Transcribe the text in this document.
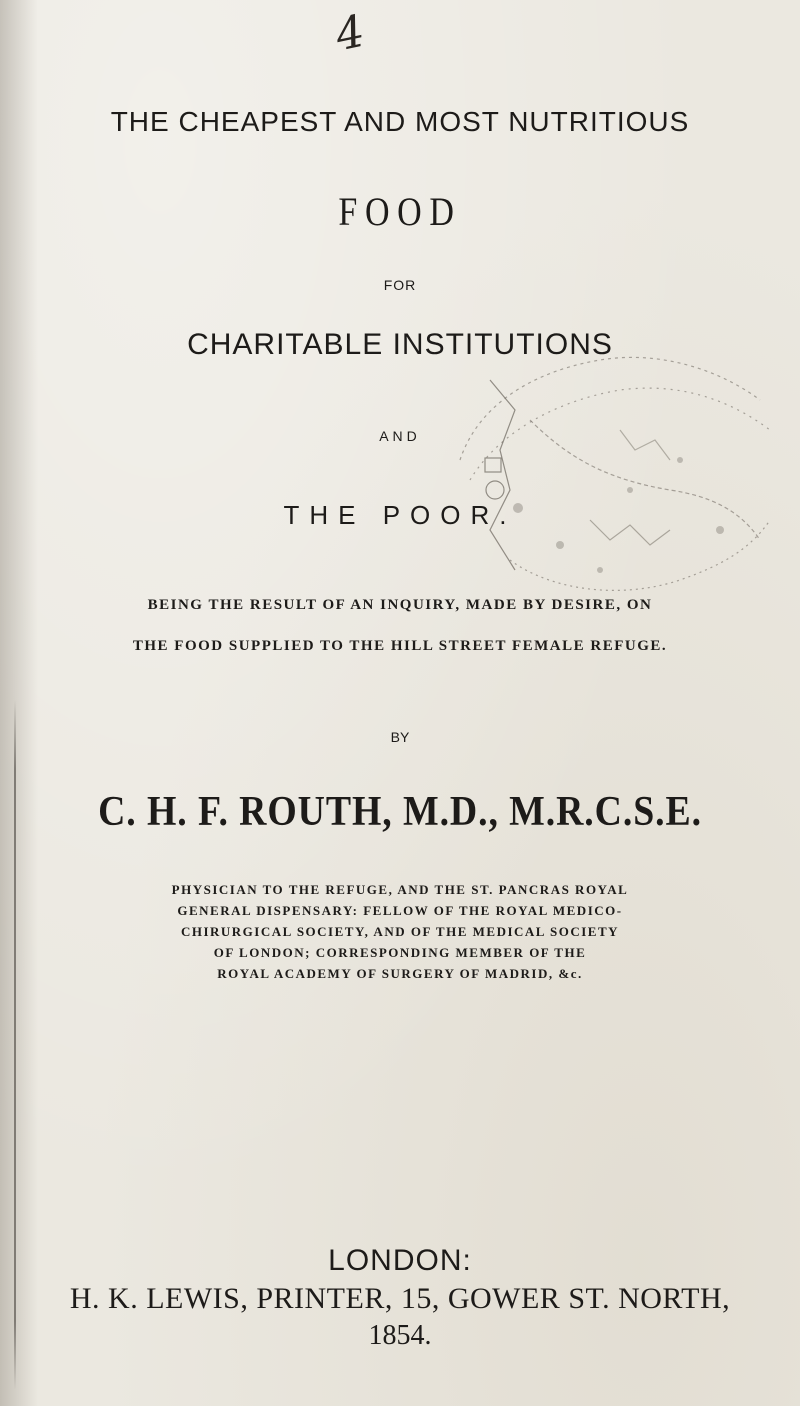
4
THE CHEAPEST AND MOST NUTRITIOUS
FOOD
FOR
CHARITABLE INSTITUTIONS
AND
THE POOR.
BEING THE RESULT OF AN INQUIRY, MADE BY DESIRE, ON
THE FOOD SUPPLIED TO THE HILL STREET FEMALE REFUGE.
BY
C. H. F. ROUTH, M.D., M.R.C.S.E.
PHYSICIAN TO THE REFUGE, AND THE ST. PANCRAS ROYAL
GENERAL DISPENSARY: FELLOW OF THE ROYAL MEDICO-
CHIRURGICAL SOCIETY, AND OF THE MEDICAL SOCIETY
OF LONDON; CORRESPONDING MEMBER OF THE
ROYAL ACADEMY OF SURGERY OF MADRID, &c.
LONDON:
H. K. LEWIS, PRINTER, 15, GOWER ST. NORTH,
1854.
